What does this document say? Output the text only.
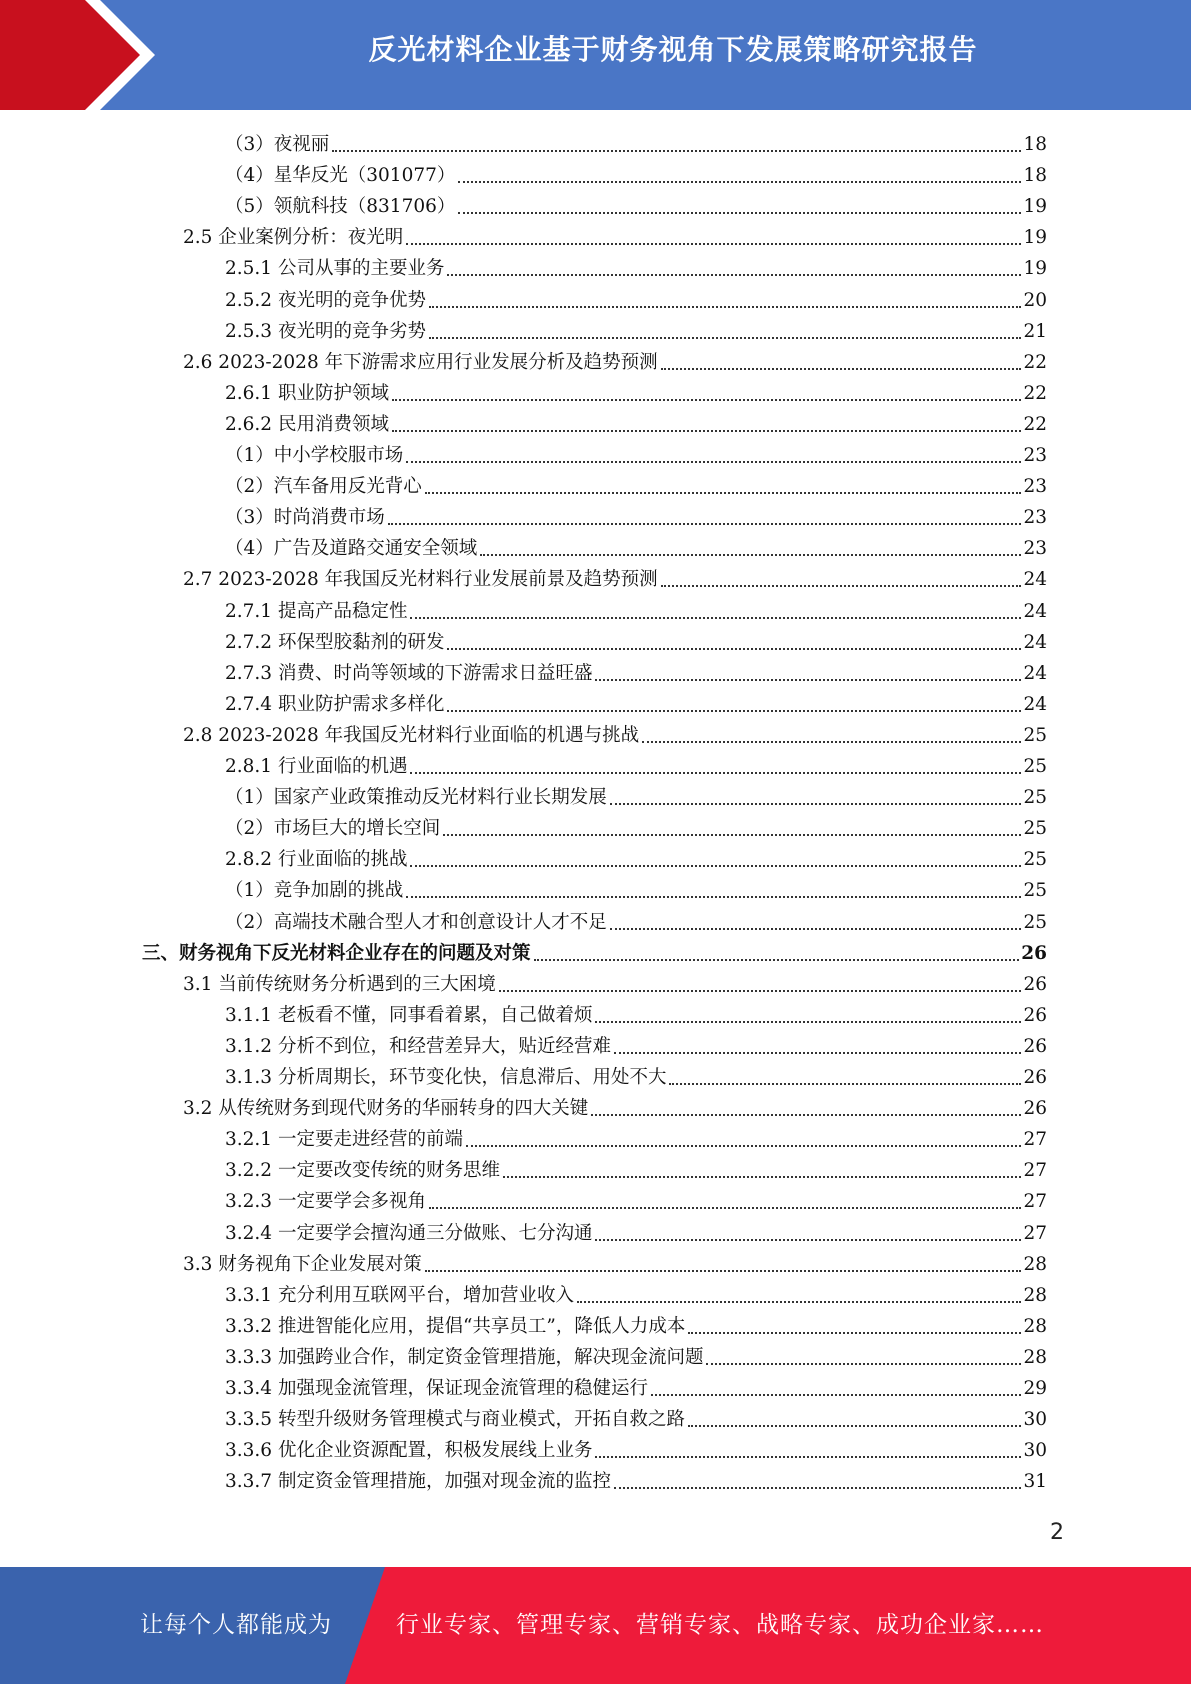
反光材料企业基于财务视角下发展策略研究报告
（3）夜视丽	18
（4）星华反光（301077）	18
（5）领航科技（831706）	19
2.5 企业案例分析：夜光明	19
2.5.1 公司从事的主要业务	19
2.5.2 夜光明的竞争优势	20
2.5.3 夜光明的竞争劣势	21
2.6 2023-2028 年下游需求应用行业发展分析及趋势预测	22
2.6.1 职业防护领域	22
2.6.2 民用消费领域	22
（1）中小学校服市场	23
（2）汽车备用反光背心	23
（3）时尚消费市场	23
（4）广告及道路交通安全领域	23
2.7 2023-2028 年我国反光材料行业发展前景及趋势预测	24
2.7.1 提高产品稳定性	24
2.7.2 环保型胶黏剂的研发	24
2.7.3 消费、时尚等领域的下游需求日益旺盛	24
2.7.4 职业防护需求多样化	24
2.8 2023-2028 年我国反光材料行业面临的机遇与挑战	25
2.8.1 行业面临的机遇	25
（1）国家产业政策推动反光材料行业长期发展	25
（2）市场巨大的增长空间	25
2.8.2 行业面临的挑战	25
（1）竞争加剧的挑战	25
（2）高端技术融合型人才和创意设计人才不足	25
三、财务视角下反光材料企业存在的问题及对策	26
3.1 当前传统财务分析遇到的三大困境	26
3.1.1 老板看不懂，同事看着累，自己做着烦	26
3.1.2 分析不到位，和经营差异大，贴近经营难	26
3.1.3 分析周期长，环节变化快，信息滞后、用处不大	26
3.2 从传统财务到现代财务的华丽转身的四大关键	26
3.2.1 一定要走进经营的前端	27
3.2.2 一定要改变传统的财务思维	27
3.2.3 一定要学会多视角	27
3.2.4 一定要学会擅沟通三分做账、七分沟通	27
3.3 财务视角下企业发展对策	28
3.3.1 充分利用互联网平台，增加营业收入	28
3.3.2 推进智能化应用，提倡“共享员工”，降低人力成本	28
3.3.3 加强跨业合作，制定资金管理措施，解决现金流问题	28
3.3.4 加强现金流管理，保证现金流管理的稳健运行	29
3.3.5 转型升级财务管理模式与商业模式，开拓自救之路	30
3.3.6 优化企业资源配置，积极发展线上业务	30
3.3.7 制定资金管理措施，加强对现金流的监控	31
2
让每个人都能成为	行业专家、管理专家、营销专家、战略专家、成功企业家……
